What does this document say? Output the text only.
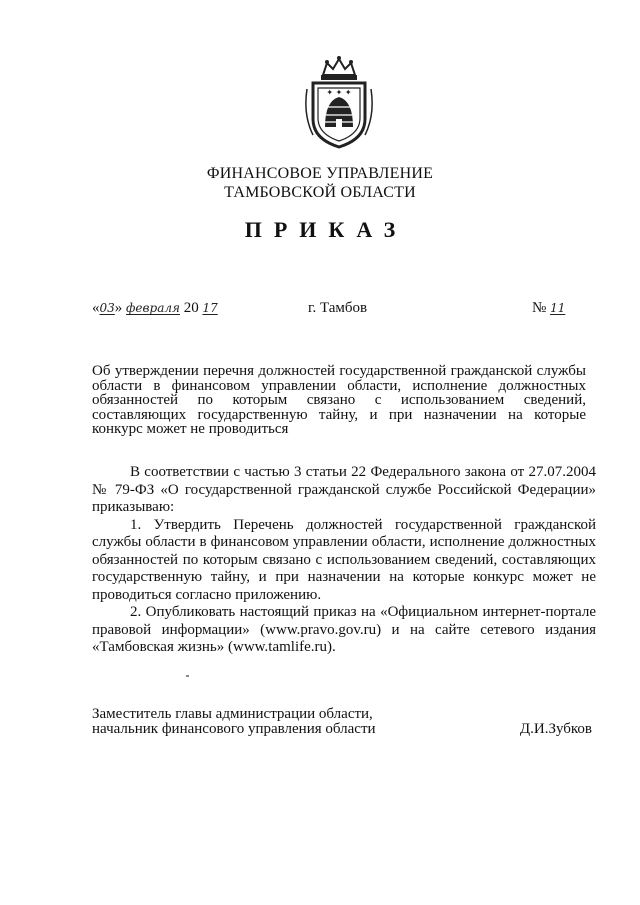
✦ ✦ ✦
ФИНАНСОВОЕ УПРАВЛЕНИЕ
ТАМБОВСКОЙ ОБЛАСТИ
ПРИКАЗ
«03» февраля 20 17	г. Тамбов	№ 11
Об утверждении перечня должностей государственной гражданской службы области в финансовом управлении области, исполнение должностных обязанностей по которым связано с использованием сведений, составляющих государственную тайну, и при назначении на которые конкурс может не проводиться

В соответствии с частью 3 статьи 22 Федерального закона от 27.07.2004 № 79-ФЗ «О государственной гражданской службе Российской Федерации» приказываю:

1. Утвердить Перечень должностей государственной гражданской службы области в финансовом управлении области, исполнение должностных обязанностей по которым связано с использованием сведений, составляющих государственную тайну, и при назначении на которые конкурс может не проводиться согласно приложению.

2. Опубликовать настоящий приказ на «Официальном интернет-портале правовой информации» (www.pravo.gov.ru) и на сайте сетевого издания «Тамбовская жизнь» (www.tamlife.ru).

Заместитель главы администрации области,
начальник финансового управления области	Д.И.Зубков
